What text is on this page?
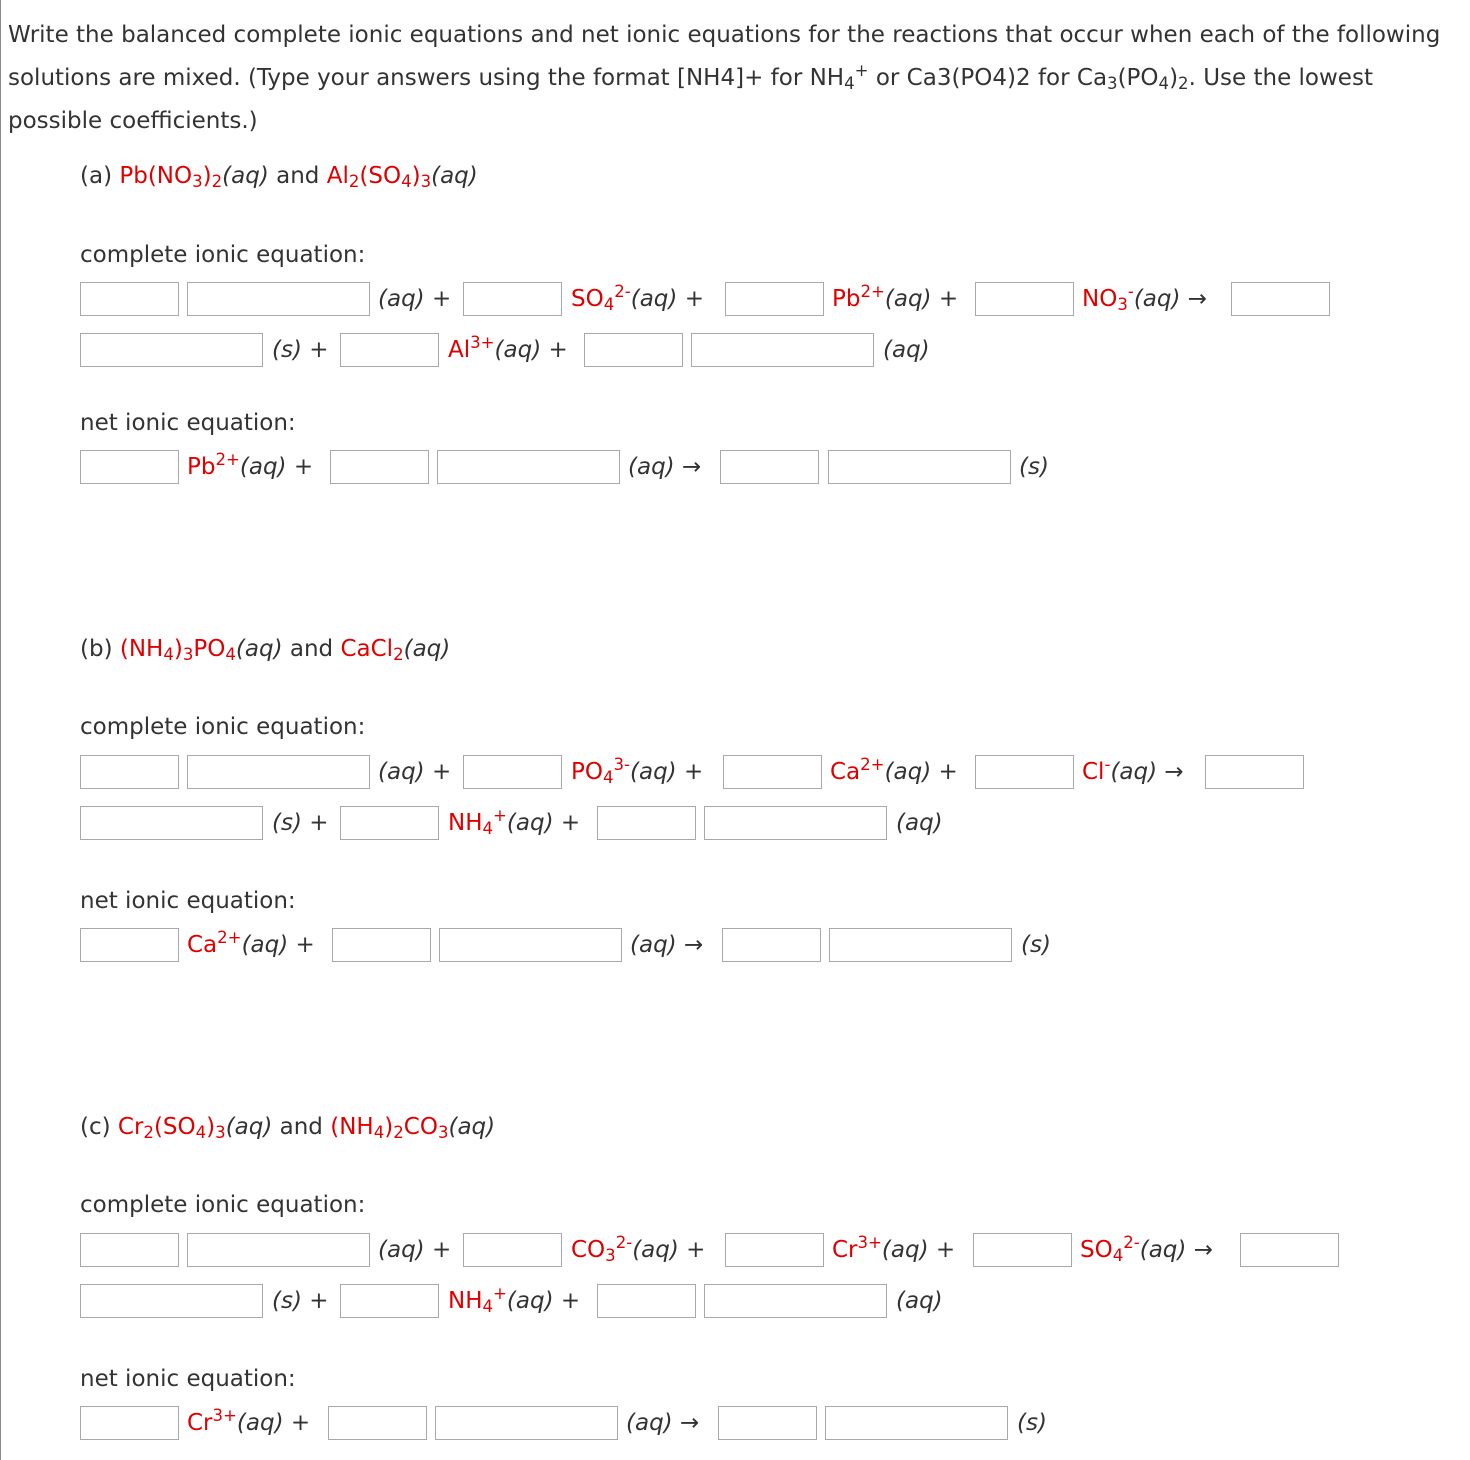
Write the balanced complete ionic equations and net ionic equations for the reactions that occur when each of the following solutions are mixed. (Type your answers using the format [NH4]+ for $NH_4^+$ or Ca3(PO4)2 for $Ca_3(PO_4)_2$. Use the lowest possible coefficients.)
(a) $Pb(NO_3)_2(aq)$ and $Al_2(SO_4)_3(aq)$
complete ionic equation:
(aq) +	$SO_4^{2-}(aq)$ +	$Pb^{2+}(aq)$ +	$NO_3^-(aq)$ →
(s) +	$Al^{3+}(aq)$ +	(aq)
net ionic equation:
$Pb^{2+}(aq)$ +	(aq) →	(s)
(b) $(NH_4)_3PO_4(aq)$ and CaCl$_2$(aq)
complete ionic equation:
(aq) +	$PO_4^{3-}(aq)$ +	$Ca^{2+}(aq)$ +	Cl-(aq) →
(s) +	$NH_4^+(aq)$ +	(aq)
net ionic equation:
$Ca^{2+}(aq)$ +	(aq) →	(s)
(c) $Cr_2(SO_4)_3(aq)$ and $(NH_4)_2CO_3(aq)$
complete ionic equation:
(aq) +	$CO_3^{2-}(aq)$ +	$Cr^{3+}(aq)$ +	$SO_4^{2-}(aq)$ →
(s) +	$NH_4^+(aq)$ +	(aq)
net ionic equation:
$Cr^{3+}(aq)$ +	(aq) →	(s)
